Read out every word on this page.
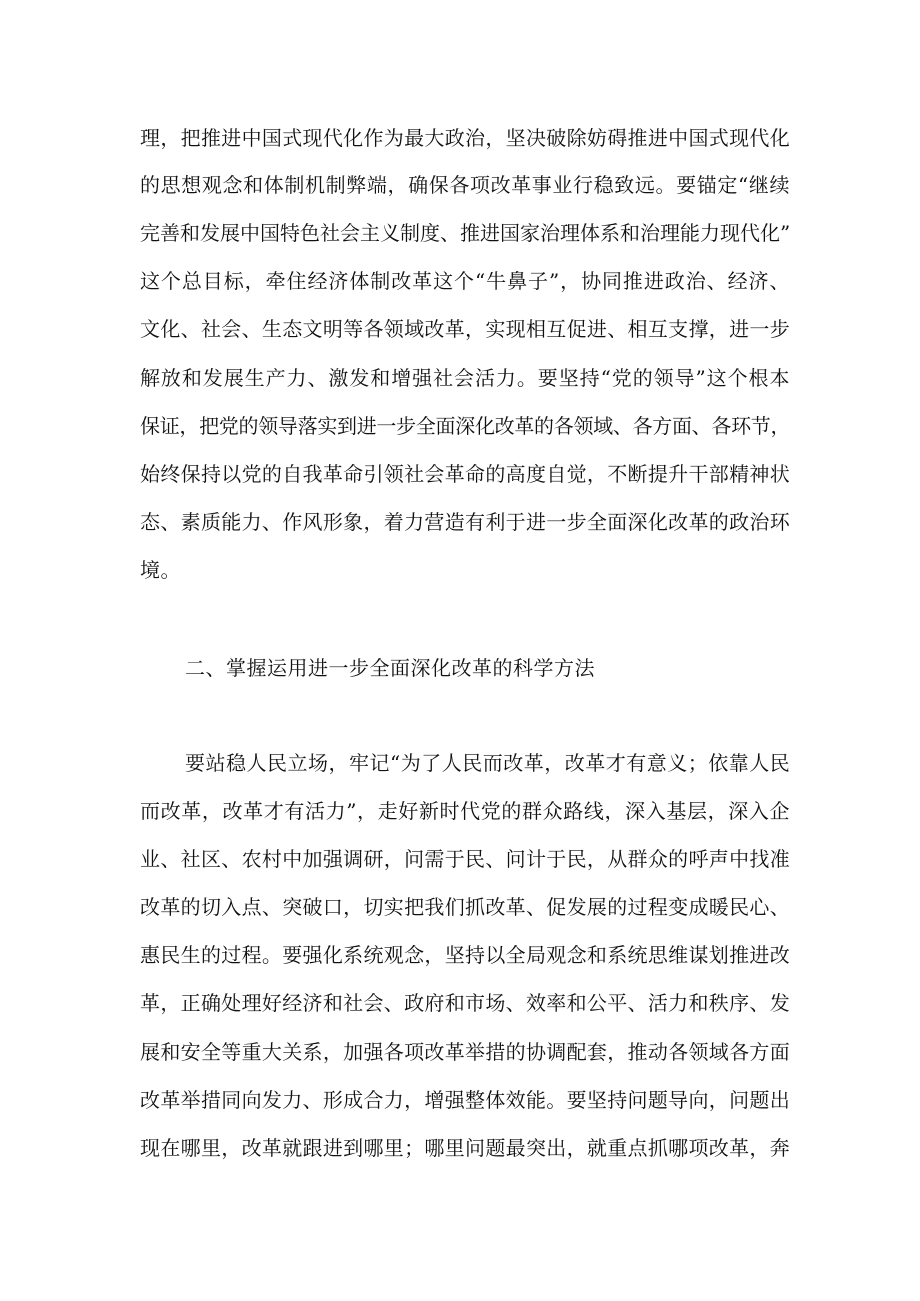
理，把推进中国式现代化作为最大政治，坚决破除妨碍推进中国式现代化
的思想观念和体制机制弊端，确保各项改革事业行稳致远。要锚定“继续
完善和发展中国特色社会主义制度、推进国家治理体系和治理能力现代化”
这个总目标，牵住经济体制改革这个“牛鼻子”，协同推进政治、经济、
文化、社会、生态文明等各领域改革，实现相互促进、相互支撑，进一步
解放和发展生产力、激发和增强社会活力。要坚持“党的领导”这个根本
保证，把党的领导落实到进一步全面深化改革的各领域、各方面、各环节，
始终保持以党的自我革命引领社会革命的高度自觉，不断提升干部精神状
态、素质能力、作风形象，着力营造有利于进一步全面深化改革的政治环
境。
二、掌握运用进一步全面深化改革的科学方法
要站稳人民立场，牢记“为了人民而改革，改革才有意义；依靠人民
而改革，改革才有活力”，走好新时代党的群众路线，深入基层，深入企
业、社区、农村中加强调研，问需于民、问计于民，从群众的呼声中找准
改革的切入点、突破口，切实把我们抓改革、促发展的过程变成暖民心、
惠民生的过程。要强化系统观念，坚持以全局观念和系统思维谋划推进改
革，正确处理好经济和社会、政府和市场、效率和公平、活力和秩序、发
展和安全等重大关系，加强各项改革举措的协调配套，推动各领域各方面
改革举措同向发力、形成合力，增强整体效能。要坚持问题导向，问题出
现在哪里，改革就跟进到哪里；哪里问题最突出，就重点抓哪项改革，奔
